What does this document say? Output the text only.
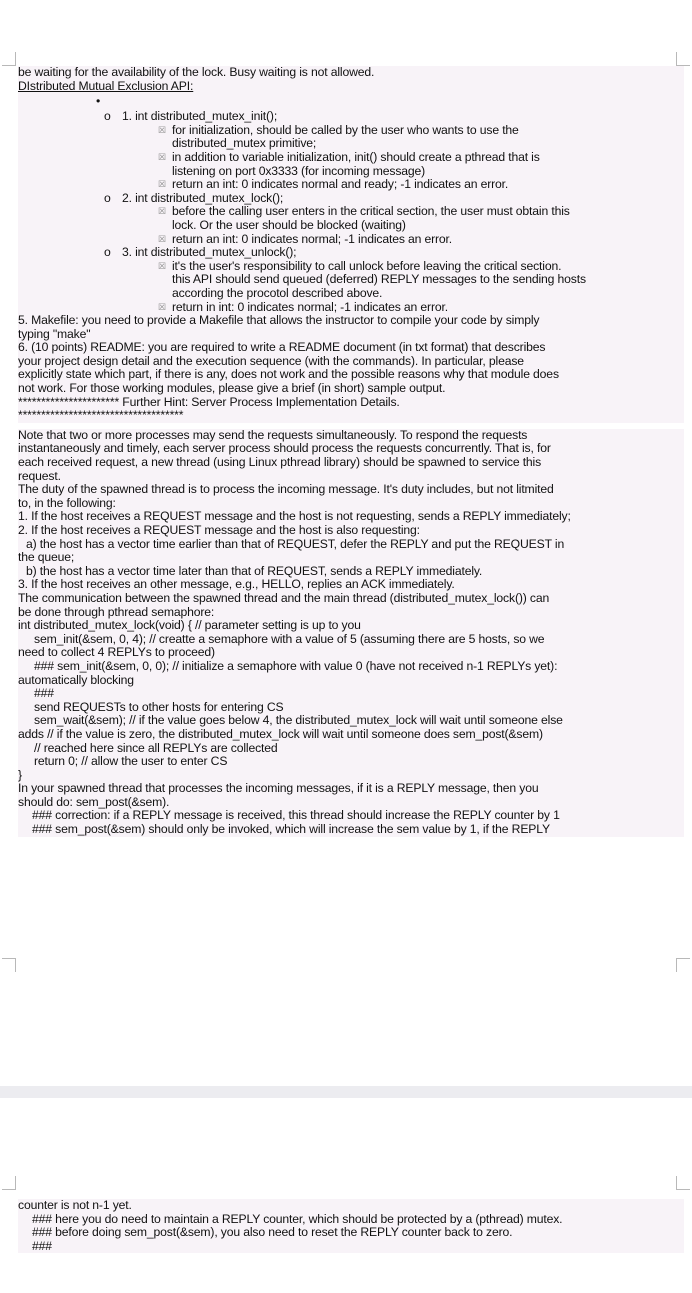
be waiting for the availability of the lock. Busy waiting is not allowed.
DIstributed Mutual Exclusion API:
•
o 1. int distributed_mutex_init();
☒ for initialization, should be called by the user who wants to use the
distributed_mutex primitive;
☒ in addition to variable initialization, init() should create a pthread that is
listening on port 0x3333 (for incoming message)
☒ return an int: 0 indicates normal and ready; -1 indicates an error.
o 2. int distributed_mutex_lock();
☒ before the calling user enters in the critical section, the user must obtain this
lock. Or the user should be blocked (waiting)
☒ return an int: 0 indicates normal; -1 indicates an error.
o 3. int distributed_mutex_unlock();
☒ it's the user's responsibility to call unlock before leaving the critical section.
this API should send queued (deferred) REPLY messages to the sending hosts
according the procotol described above.
☒ return in int: 0 indicates normal; -1 indicates an error.
5. Makefile: you need to provide a Makefile that allows the instructor to compile your code by simply
typing "make"
6. (10 points) README: you are required to write a README document (in txt format) that describes
your project design detail and the execution sequence (with the commands). In particular, please
explicitly state which part, if there is any, does not work and the possible reasons why that module does
not work. For those working modules, please give a brief (in short) sample output.
********************** Further Hint: Server Process Implementation Details.
************************************
Note that two or more processes may send the requests simultaneously. To respond the requests
instantaneously and timely, each server process should process the requests concurrently. That is, for
each received request, a new thread (using Linux pthread library) should be spawned to service this
request.
The duty of the spawned thread is to process the incoming message. It's duty includes, but not litmited
to, in the following:
1. If the host receives a REQUEST message and the host is not requesting, sends a REPLY immediately;
2. If the host receives a REQUEST message and the host is also requesting:
a) the host has a vector time earlier than that of REQUEST, defer the REPLY and put the REQUEST in
the queue;
b) the host has a vector time later than that of REQUEST, sends a REPLY immediately.
3. If the host receives an other message, e.g., HELLO, replies an ACK immediately.
The communication between the spawned thread and the main thread (distributed_mutex_lock()) can
be done through pthread semaphore:
int distributed_mutex_lock(void) { // parameter setting is up to you
sem_init(&sem, 0, 4); // creatte a semaphore with a value of 5 (assuming there are 5 hosts, so we
need to collect 4 REPLYs to proceed)
### sem_init(&sem, 0, 0); // initialize a semaphore with value 0 (have not received n-1 REPLYs yet):
automatically blocking
###
send REQUESTs to other hosts for entering CS
sem_wait(&sem); // if the value goes below 4, the distributed_mutex_lock will wait until someone else
adds // if the value is zero, the distributed_mutex_lock will wait until someone does sem_post(&sem)
// reached here since all REPLYs are collected
return 0; // allow the user to enter CS
}
In your spawned thread that processes the incoming messages, if it is a REPLY message, then you
should do: sem_post(&sem).
### correction: if a REPLY message is received, this thread should increase the REPLY counter by 1
### sem_post(&sem) should only be invoked, which will increase the sem value by 1, if the REPLY
counter is not n-1 yet.
### here you do need to maintain a REPLY counter, which should be protected by a (pthread) mutex.
### before doing sem_post(&sem), you also need to reset the REPLY counter back to zero.
###
